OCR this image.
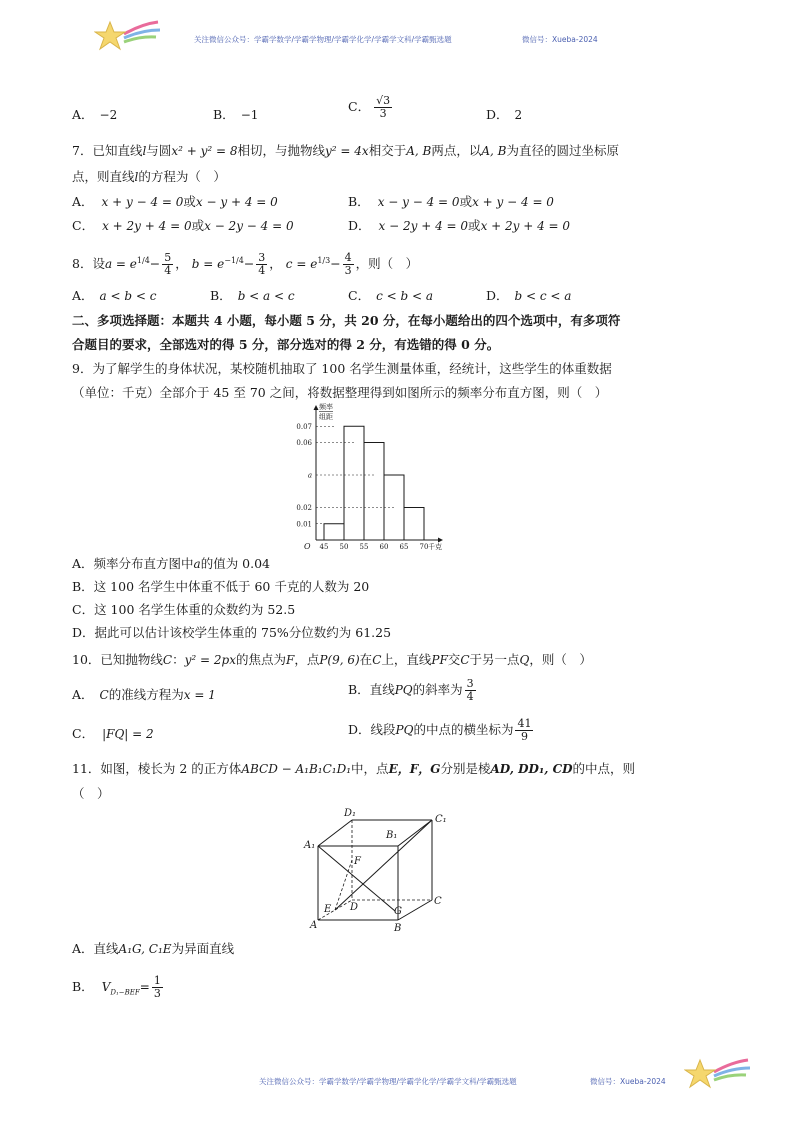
关注微信公众号：学霸学数学/学霸学物理/学霸学化学/学霸学文科/学霸甄选题	微信号：Xueba-2024
A． −2	B． −1
C． $\frac{√3}{3}$	D． 2
7．已知直线l与圆x² + y² = 8相切，与抛物线y² = 4x相交于A, B两点，以A, B为直径的圆过坐标原
点，则直线l的方程为（　）
A． x + y − 4 = 0或x − y + 4 = 0	B． x − y − 4 = 0或x + y − 4 = 0
C． x + 2y + 4 = 0或x − 2y − 4 = 0	D． x − 2y + 4 = 0或x + 2y + 4 = 0
8．设$a = e^{1/4}- \frac{5}{4}$ ， $b = e^{-1/4}- \frac{3}{4}$ ， $c = e^{1/3}- \frac{4}{3}$ ，则（　）
A． a < b < c	B． b < a < c	C． c < b < a	D． b < c < a
二、多项选择题：本题共 4 小题，每小题 5 分，共 20 分，在每小题给出的四个选项中，有多项符
合题目的要求，全部选对的得 5 分，部分选对的得 2 分，有选错的得 0 分。
9．为了解学生的身体状况，某校随机抽取了 100 名学生测量体重，经统计，这些学生的体重数据
（单位：千克）全部介于 45 至 70 之间，将数据整理得到如图所示的频率分布直方图，则（　）
频率
组距
O
0.07
0.06
a
0.02
0.01
45 50 55 60 65 70 千克
A．频率分布直方图中a的值为 0.04
B．这 100 名学生中体重不低于 60 千克的人数为 20
C．这 100 名学生体重的众数约为 52.5
D．据此可以估计该校学生体重的 75%分位数约为 61.25
10．已知抛物线C：y² = 2px的焦点为F，点P(9, 6)在C上，直线PF交C于另一点Q，则（　）
A． C的准线方程为x = 1	B．直线PQ的斜率为 $\frac{3}{4}$
C． |FQ| = 2	D．线段PQ的中点的横坐标为 $\frac{41}{9}$
11．如图，棱长为 2 的正方体ABCD − A₁B₁C₁D₁中，点E，F，G分别是棱AD, DD₁, CD的中点，则
（　）
D₁
B₁
C₁
A₁
F
E D	G
C
A	B
A．直线A₁G, C₁E为异面直线
B． $V_{D_1-BEF}= \frac{1}{3}$
关注微信公众号：学霸学数学/学霸学物理/学霸学化学/学霸学文科/学霸甄选题	微信号：Xueba-2024
